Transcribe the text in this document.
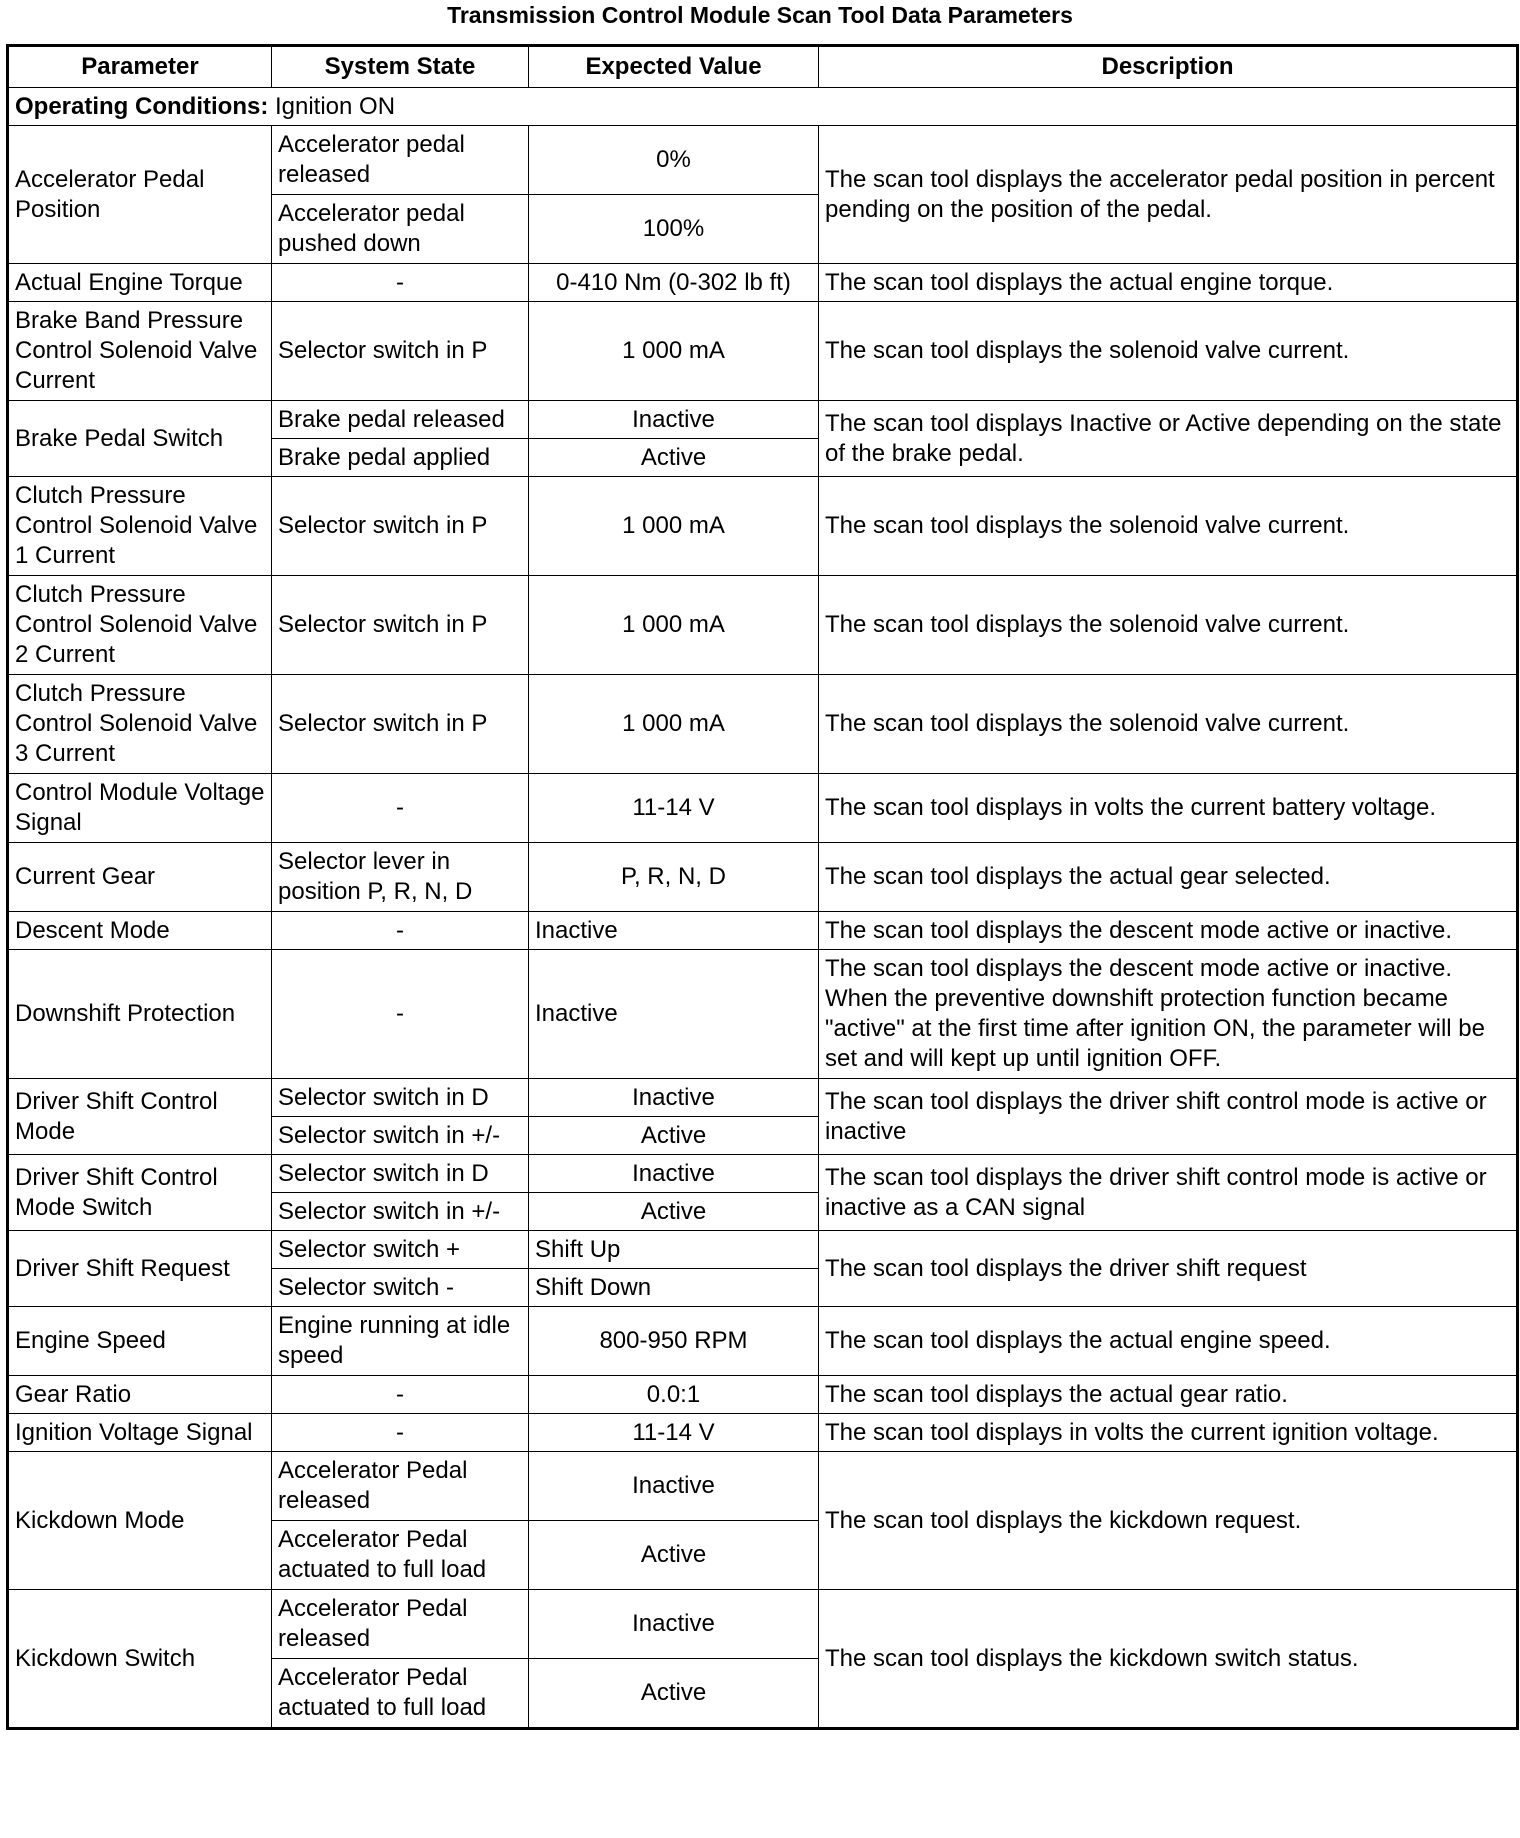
Transmission Control Module Scan Tool Data Parameters
Parameter	System State	Expected Value	Description
Operating Conditions: Ignition ON			
Accelerator Pedal Position	Accelerator pedal released	0%	The scan tool displays the accelerator pedal position in percent pending on the position of the pedal.
	Accelerator pedal pushed down	100%	
Actual Engine Torque	-	0-410 Nm (0-302 lb ft)	The scan tool displays the actual engine torque.
Brake Band Pressure Control Solenoid Valve Current	Selector switch in P	1 000 mA	The scan tool displays the solenoid valve current.
Brake Pedal Switch	Brake pedal released	Inactive	The scan tool displays Inactive or Active depending on the state of the brake pedal.
	Brake pedal applied	Active	
Clutch Pressure Control Solenoid Valve 1 Current	Selector switch in P	1 000 mA	The scan tool displays the solenoid valve current.
Clutch Pressure Control Solenoid Valve 2 Current	Selector switch in P	1 000 mA	The scan tool displays the solenoid valve current.
Clutch Pressure Control Solenoid Valve 3 Current	Selector switch in P	1 000 mA	The scan tool displays the solenoid valve current.
Control Module Voltage Signal	-	11-14 V	The scan tool displays in volts the current battery voltage.
Current Gear	Selector lever in position P, R, N, D	P, R, N, D	The scan tool displays the actual gear selected.
Descent Mode	-	Inactive	The scan tool displays the descent mode active or inactive.
Downshift Protection	-	Inactive	The scan tool displays the descent mode active or inactive. When the preventive downshift protection function became "active" at the first time after ignition ON, the parameter will be set and will kept up until ignition OFF.
Driver Shift Control Mode	Selector switch in D	Inactive	The scan tool displays the driver shift control mode is active or inactive
	Selector switch in +/-	Active	
Driver Shift Control Mode Switch	Selector switch in D	Inactive	The scan tool displays the driver shift control mode is active or inactive as a CAN signal
	Selector switch in +/-	Active	
Driver Shift Request	Selector switch +	Shift Up	The scan tool displays the driver shift request
	Selector switch -	Shift Down	
Engine Speed	Engine running at idle speed	800-950 RPM	The scan tool displays the actual engine speed.
Gear Ratio	-	0.0:1	The scan tool displays the actual gear ratio.
Ignition Voltage Signal	-	11-14 V	The scan tool displays in volts the current ignition voltage.
Kickdown Mode	Accelerator Pedal released	Inactive	The scan tool displays the kickdown request.
	Accelerator Pedal actuated to full load	Active	
Kickdown Switch	Accelerator Pedal released	Inactive	The scan tool displays the kickdown switch status.
	Accelerator Pedal actuated to full load	Active	
